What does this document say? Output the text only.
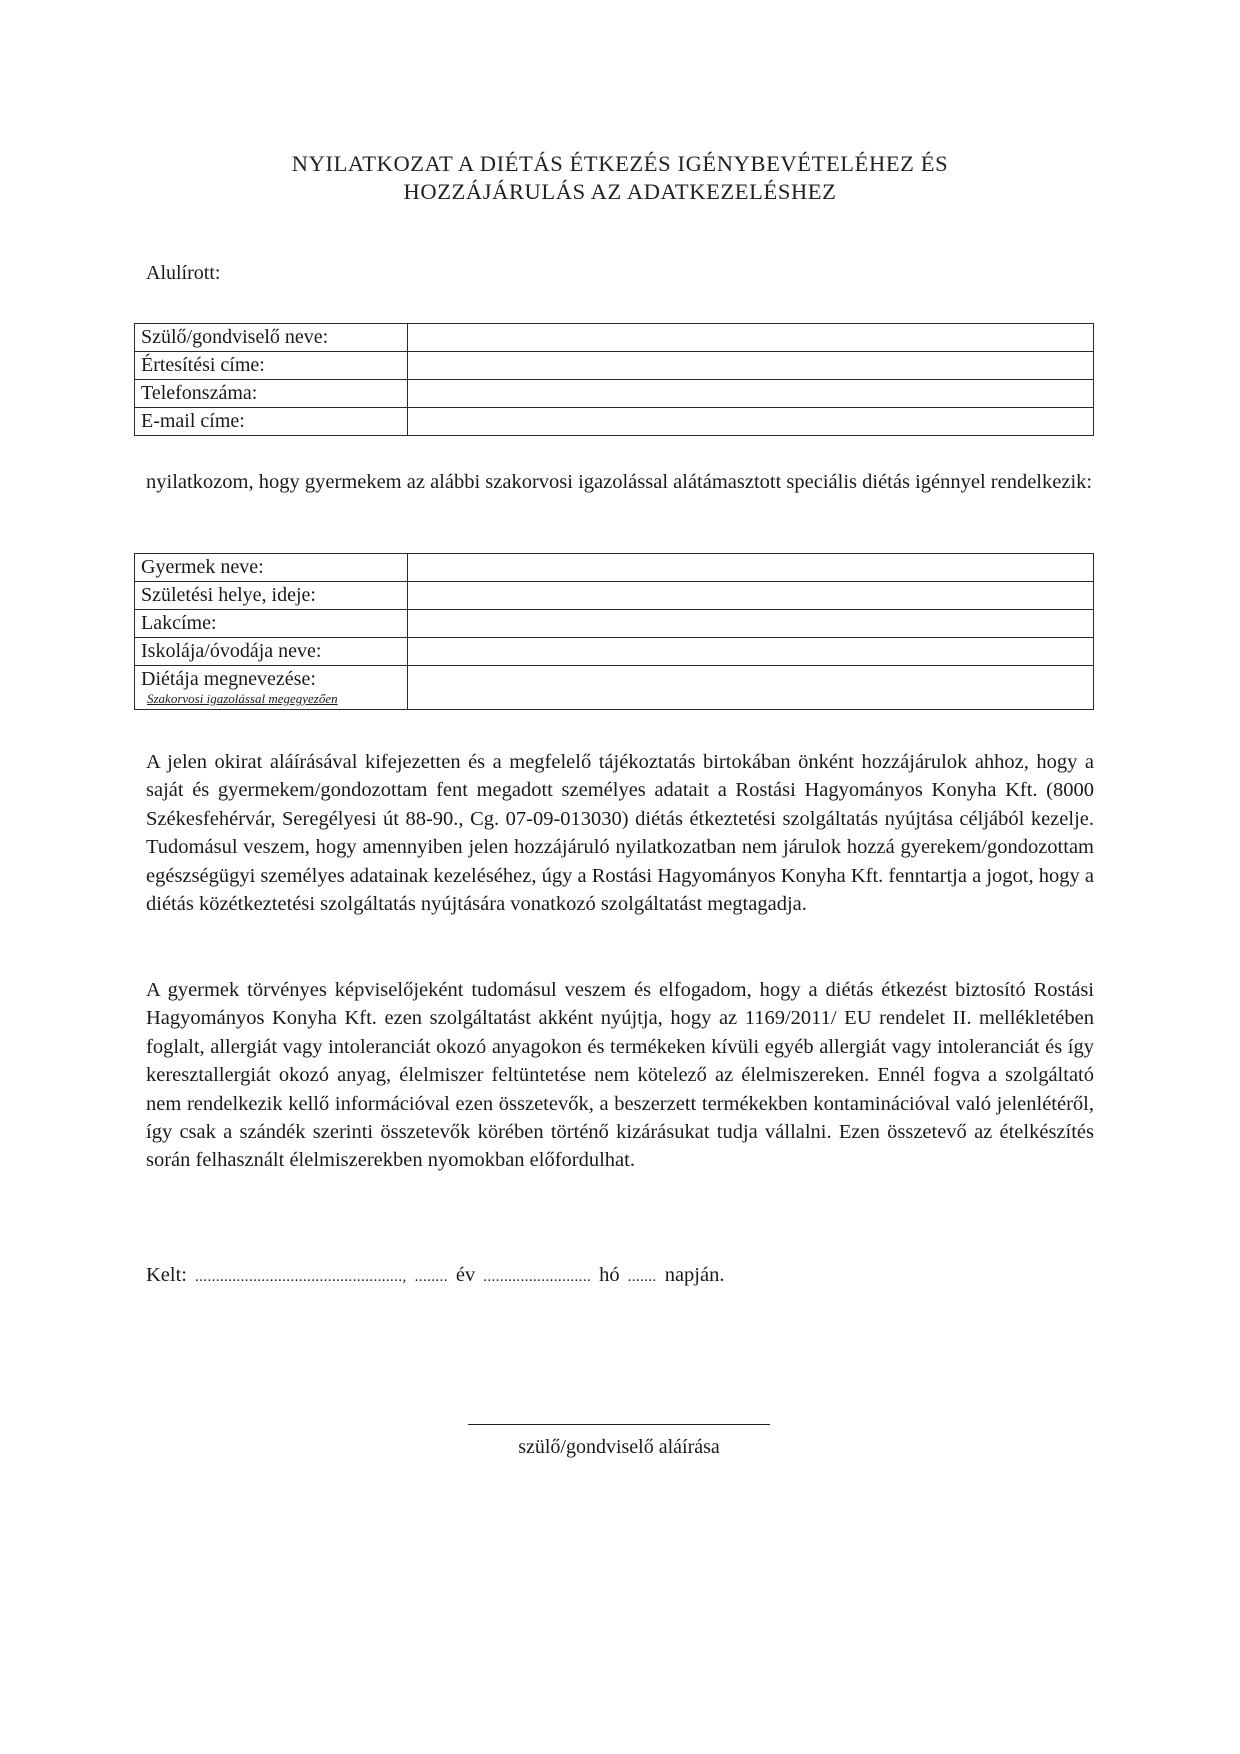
NYILATKOZAT A DIÉTÁS ÉTKEZÉS IGÉNYBEVÉTELÉHEZ ÉS
HOZZÁJÁRULÁS AZ ADATKEZELÉSHEZ
Alulírott:
Szülő/gondviselő neve:	
Értesítési címe:	
Telefonszáma:	
E-mail címe:	

nyilatkozom, hogy gyermekem az alábbi szakorvosi igazolással alátámasztott speciális diétás igénnyel rendelkezik:

Gyermek neve:	
Születési helye, ideje:	
Lakcíme:	
Iskolája/óvodája neve:	

Diétája megnevezése:
Szakorvosi igazolással megegyezően

A jelen okirat aláírásával kifejezetten és a megfelelő tájékoztatás birtokában önként hozzájárulok ahhoz, hogy a saját és gyermekem/gondozottam fent megadott személyes adatait a Rostási Hagyományos Konyha Kft. (8000 Székesfehérvár, Seregélyesi út 88-90., Cg. 07-09-013030) diétás étkeztetési szolgáltatás nyújtása céljából kezelje. Tudomásul veszem, hogy amennyiben jelen hozzájáruló nyilatkozatban nem járulok hozzá gyerekem/gondozottam egészségügyi személyes adatainak kezeléséhez, úgy a Rostási Hagyományos Konyha Kft. fenntartja a jogot, hogy a diétás közétkeztetési szolgáltatás nyújtására vonatkozó szolgáltatást megtagadja.

A gyermek törvényes képviselőjeként tudomásul veszem és elfogadom, hogy a diétás étkezést biztosító Rostási Hagyományos Konyha Kft. ezen szolgáltatást akként nyújtja, hogy az 1169/2011/ EU rendelet II. mellékletében foglalt, allergiát vagy intoleranciát okozó anyagokon és termékeken kívüli egyéb allergiát vagy intoleranciát és így keresztallergiát okozó anyag, élelmiszer feltüntetése nem kötelező az élelmiszereken. Ennél fogva a szolgáltató nem rendelkezik kellő információval ezen összetevők, a beszerzett termékekben kontaminációval való jelenlétéről, így csak a szándék szerinti összetevők körében történő kizárásukat tudja vállalni. Ezen összetevő az ételkészítés során felhasznált élelmiszerekben nyomokban előfordulhat.

Kelt: .................................................., ........ év .......................... hó ....... napján.
szülő/gondviselő aláírása
